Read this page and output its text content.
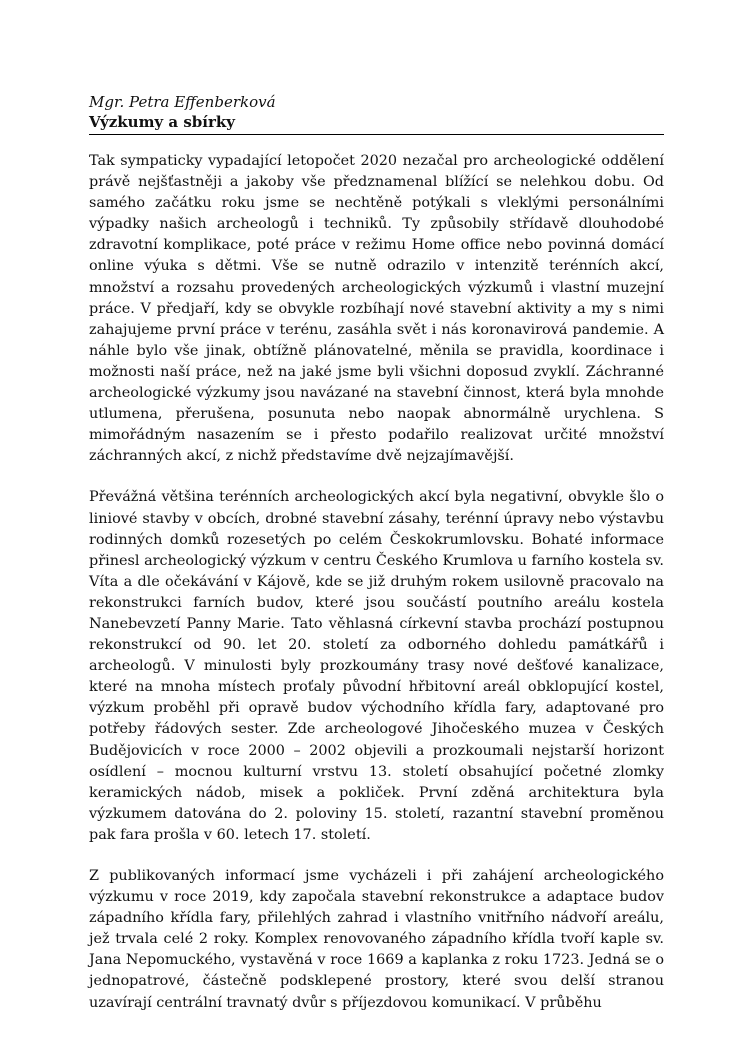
Mgr. Petra Effenberková

Výzkumy a sbírky

Tak sympaticky vypadající letopočet 2020 nezačal pro archeologické oddělení právě nejšťastněji a jakoby vše předznamenal blížící se nelehkou dobu. Od samého začátku roku jsme se nechtěně potýkali s vleklými personálními výpadky našich archeologů i techniků. Ty způsobily střídavě dlouhodobé zdravotní komplikace, poté práce v režimu Home office nebo povinná domácí online výuka s dětmi. Vše se nutně odrazilo v intenzitě terénních akcí, množství a rozsahu provedených archeologických výzkumů i vlastní muzejní práce. V předjaří, kdy se obvykle rozbíhají nové stavební aktivity a my s nimi zahajujeme první práce v terénu, zasáhla svět i nás koronavirová pandemie. A náhle bylo vše jinak, obtížně plánovatelné, měnila se pravidla, koordinace i možnosti naší práce, než na jaké jsme byli všichni doposud zvyklí. Záchranné archeologické výzkumy jsou navázané na stavební činnost, která byla mnohde utlumena, přerušena, posunuta nebo naopak abnormálně urychlena. S mimořádným nasazením se i přesto podařilo realizovat určité množství záchranných akcí, z nichž představíme dvě nejzajímavější.

Převážná většina terénních archeologických akcí byla negativní, obvykle šlo o liniové stavby v obcích, drobné stavební zásahy, terénní úpravy nebo výstavbu rodinných domků rozesetých po celém Českokrumlovsku. Bohaté informace přinesl archeologický výzkum v centru Českého Krumlova u farního kostela sv. Víta a dle očekávání v Kájově, kde se již druhým rokem usilovně pracovalo na rekonstrukci farních budov, které jsou součástí poutního areálu kostela Nanebevzetí Panny Marie. Tato věhlasná církevní stavba prochází postupnou rekonstrukcí od 90. let 20. století za odborného dohledu památkářů i archeologů. V minulosti byly prozkoumány trasy nové dešťové kanalizace, které na mnoha místech proťaly původní hřbitovní areál obklopující kostel, výzkum proběhl při opravě budov východního křídla fary, adaptované pro potřeby řádových sester. Zde archeologové Jihočeského muzea v Českých Budějovicích v roce 2000 – 2002 objevili a prozkoumali nejstarší horizont osídlení – mocnou kulturní vrstvu 13. století obsahující početné zlomky keramických nádob, misek a pokliček. První zděná architektura byla výzkumem datována do 2. poloviny 15. století, razantní stavební proměnou pak fara prošla v 60. letech 17. století.

Z publikovaných informací jsme vycházeli i při zahájení archeologického výzkumu v roce 2019, kdy započala stavební rekonstrukce a adaptace budov západního křídla fary, přilehlých zahrad i vlastního vnitřního nádvoří areálu, jež trvala celé 2 roky. Komplex renovovaného západního křídla tvoří kaple sv. Jana Nepomuckého, vystavěná v roce 1669 a kaplanka z roku 1723. Jedná se o jednopatrové, částečně podsklepené prostory, které svou delší stranou uzavírají centrální travnatý dvůr s příjezdovou komunikací. V průběhu
